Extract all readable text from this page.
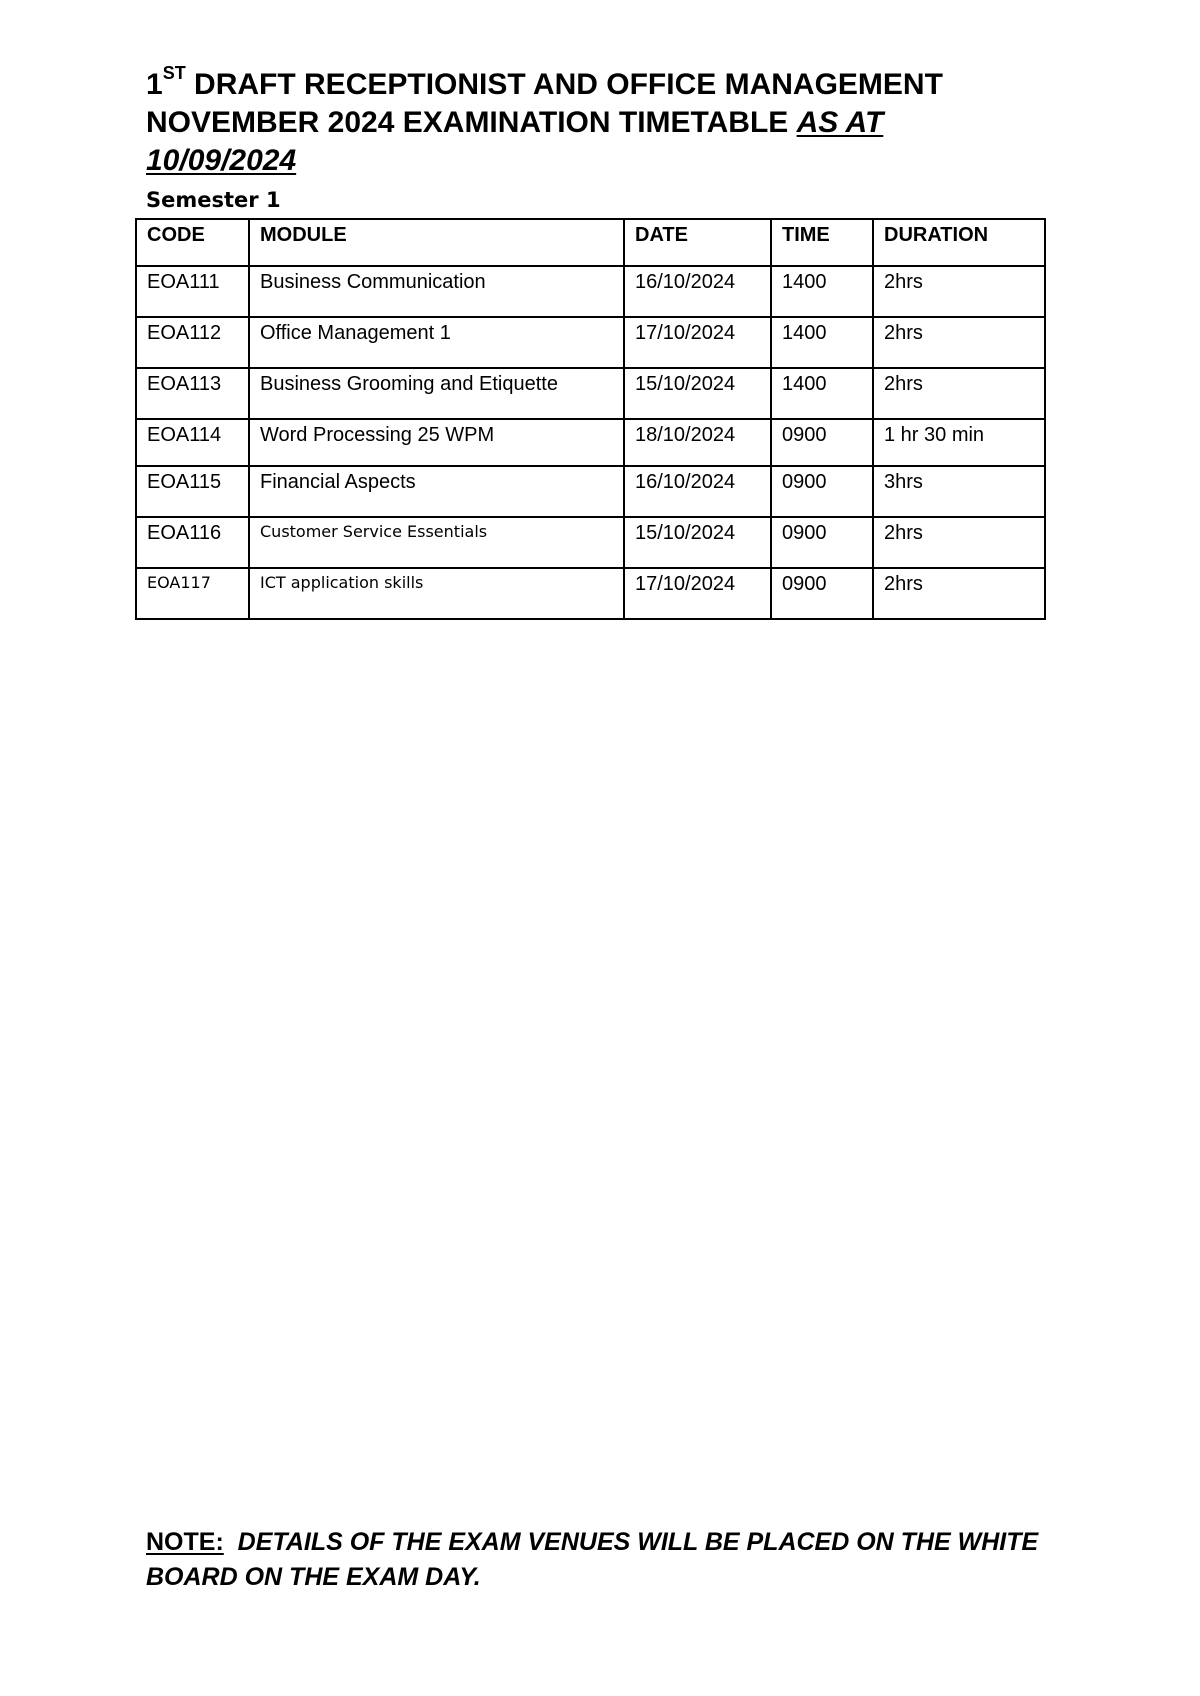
1ST DRAFT RECEPTIONIST AND OFFICE MANAGEMENT
NOVEMBER 2024 EXAMINATION TIMETABLE AS AT
10/09/2024
Semester 1
CODE	MODULE	DATE	TIME	DURATION
EOA111	Business Communication	16/10/2024	1400	2hrs
EOA112	Office Management 1	17/10/2024	1400	2hrs
EOA113	Business Grooming and Etiquette	15/10/2024	1400	2hrs
EOA114	Word Processing 25 WPM	18/10/2024	0900	1 hr 30 min
EOA115	Financial Aspects	16/10/2024	0900	3hrs
EOA116	Customer Service Essentials	15/10/2024	0900	2hrs
EOA117	ICT application skills	17/10/2024	0900	2hrs
NOTE:  DETAILS OF THE EXAM VENUES WILL BE PLACED ON THE WHITE BOARD ON THE EXAM DAY.
